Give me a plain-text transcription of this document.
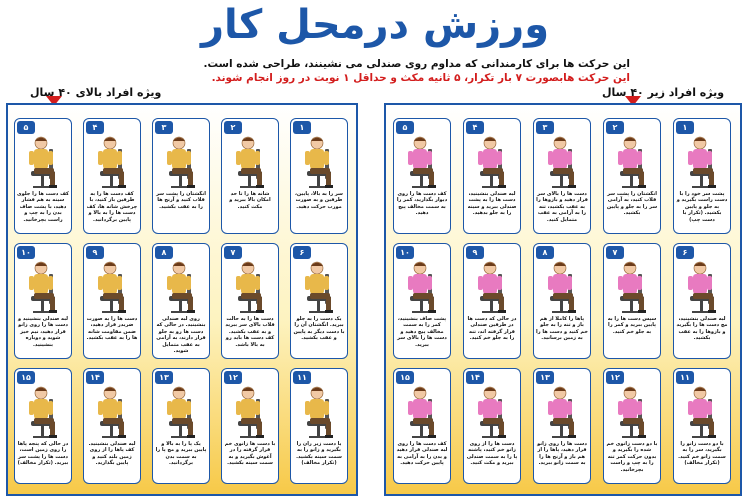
ورزش درمحل کار
این حرکت ها برای کارمندانی که مداوم روی صندلی می نشینند، طراحی شده است.
این حرکت هابصورت ۷ بار تکرار، ۵ ثانیه مکث و حداقل ۱ نوبت در روز انجام شوند.
ویژه افراد بالای ۴۰ سال	ویژه افراد زیر ۴۰ سال
۱
سر را به بالا، پایین، طرفین و به صورت مورب حرکت دهید.
۲
شانه ها را تا حد امکان بالا ببرید و مکث کنید.
۳
انگشتان را پشت سر قلاب کنید و آرنج ها را به عقب بکشید.
۴
کف دست ها را به طرفین باز کنید، با چرخش شانه ها، کف دست ها را به بالا و پایین برگردانید.
۵
کف دست ها را جلوی سینه به هم فشار دهید، با پشت صاف بدن را به چپ و راست بچرخانید.
۶
یک دست را به جلو ببرید. انگشتان آن را با دست دیگر به پایین و عقب بکشید.
۷
دست ها را به حالت قلاب بالای سر ببرید و به عقب بکشید. کف دست ها باید رو به بالا باشد.
۸
روی لبه صندلی بنشینید. در حالی که دست ها رو به جلو قرار دارند، به آرامی به عقب متمایل شوید.
۹
دست ها را به صورت ضربدر قرار دهید، ضمن مقاومت شانه ها را به عقب بکشید.
۱۰
لبه صندلی بنشینید و دست ها را روی زانو قرار دهید، نیم خیز شوید و دوباره بنشینید.
۱۱
یا دست زیر ران را بگیرید و زانو را به سمت سینه بکشید. (تکرار مخالف)
۱۲
با دست ها زانوی خم قرار گرفته را در آغوش بگیرید و به سمت سینه بکشید.
۱۳
یک پا را به بالا و پایین ببرید و مچ پا را به سمت بدن برگردانید.
۱۴
لبه صندلی بنشینید. کف پاها را از روی زمین بلند کنید و پایین بگذارید.
۱۵
در حالی که پنجه پاها را روی زمین است، دست ها را پشت سر ببرید. (تکرار مخالف)
۱
پشت سر خود را با دست راست بگیرید و به جلو و پایین بکشید. (تکرار با دست چپ)
۲
انگشتان را پشت سر قلاب کنید، به آرامی سر را به جلو و پایین بکشید.
۳
دست ها را بالای سر قرار دهید و بازوها را به عقب بکشید، تنه را به آرامی به عقب متمایل کنید.
۴
لبه صندلی بنشینید، دست ها را به پشت صندلی ببرید و سینه را به جلو بدهید.
۵
کف دست ها را روی دیوار بگذارید، کمر را به سمت مخالف پیچ دهید.
۶
لبه صندلی بنشینید، مچ دست ها را بگیرید و بازوها را به عقب بکشید.
۷
سپس دست ها را به پایین ببرید و کمر را به جلو خم کنید.
۸
پاها را کاملا از هم باز و تنه را به جلو خم کنید و دست ها را به زمین برسانید.
۹
در حالی که دست ها در طرفین صندلی قرار گرفته اند، تنه را به جلو خم کنید.
۱۰
پشت صاف بنشینید، کمر را به سمت مخالف پیچ دهید و دست ها را بالای سر ببرید.
۱۱
با دو دست زانو را بگیرید، سر را به سمت زانو خم کنید. (تکرار مخالف)
۱۲
با دو دست زانوی خم شده را بگیرید و بدون حرکت کمر تنه را به چپ و راست بچرخانید.
۱۳
دست ها را روی زانو قرار دهید، پاها را از هم باز و آرنج ها را به سمت زانو ببرید.
۱۴
دست ها را از روی زانو خم کنید، پاشنه پا را به سمت صندلی ببرید و مکث کنید.
۱۵
کف دست ها را روی لبه صندلی قرار دهید و بدن را به آرامی به پایین حرکت دهید.
